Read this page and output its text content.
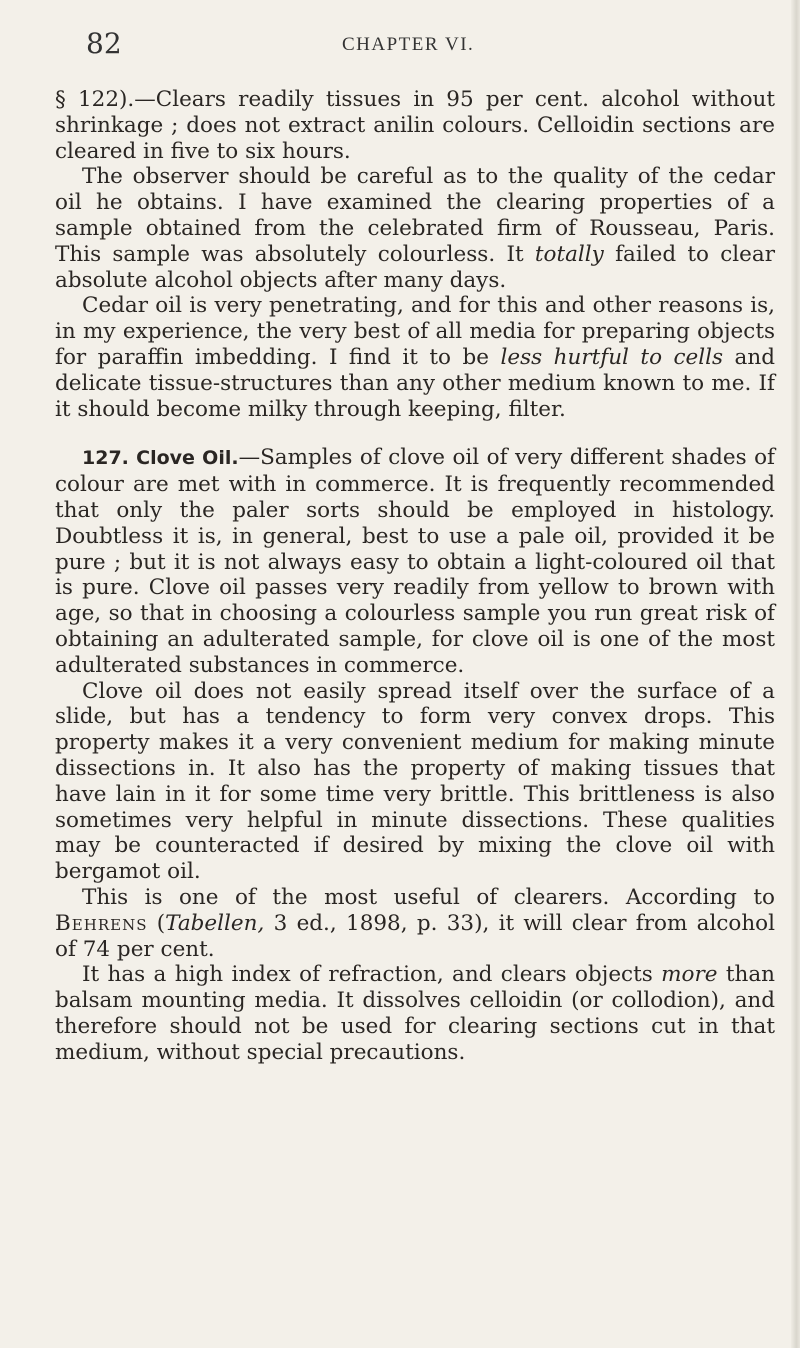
82	CHAPTER VI.

§ 122).—Clears readily tissues in 95 per cent. alcohol without shrinkage ; does not extract anilin colours. Celloidin sections are cleared in five to six hours.

The observer should be careful as to the quality of the cedar oil he obtains. I have examined the clearing properties of a sample obtained from the celebrated firm of Rousseau, Paris. This sample was absolutely colourless. It totally failed to clear absolute alcohol objects after many days.

Cedar oil is very penetrating, and for this and other reasons is, in my experience, the very best of all media for preparing objects for paraffin imbedding. I find it to be less hurtful to cells and delicate tissue-structures than any other medium known to me. If it should become milky through keeping, filter.

127. Clove Oil.—Samples of clove oil of very different shades of colour are met with in commerce. It is frequently recommended that only the paler sorts should be employed in histology. Doubtless it is, in general, best to use a pale oil, provided it be pure ; but it is not always easy to obtain a light-coloured oil that is pure. Clove oil passes very readily from yellow to brown with age, so that in choosing a colourless sample you run great risk of obtaining an adulterated sample, for clove oil is one of the most adulterated substances in commerce.

Clove oil does not easily spread itself over the surface of a slide, but has a tendency to form very convex drops. This property makes it a very convenient medium for making minute dissections in. It also has the property of making tissues that have lain in it for some time very brittle. This brittleness is also sometimes very helpful in minute dissections. These qualities may be counteracted if desired by mixing the clove oil with bergamot oil.

This is one of the most useful of clearers. According to Behrens (Tabellen, 3 ed., 1898, p. 33), it will clear from alcohol of 74 per cent.

It has a high index of refraction, and clears objects more than balsam mounting media. It dissolves celloidin (or collodion), and therefore should not be used for clearing sections cut in that medium, without special precautions.
